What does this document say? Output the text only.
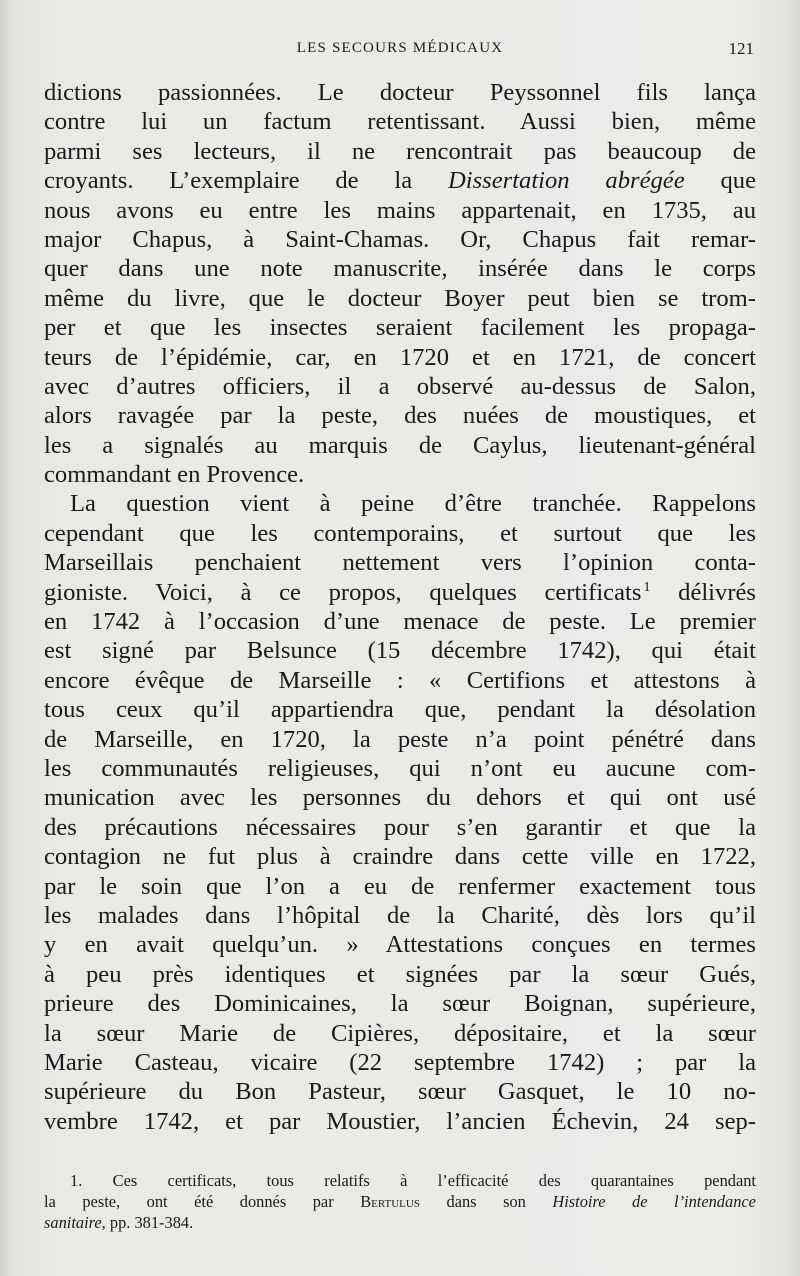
LES SECOURS MÉDICAUX	121
dictions passionnées. Le docteur Peyssonnel fils lança
contre lui un factum retentissant. Aussi bien, même
parmi ses lecteurs, il ne rencontrait pas beaucoup de
croyants. L’exemplaire de la Dissertation abrégée que
nous avons eu entre les mains appartenait, en 1735, au
major Chapus, à Saint-Chamas. Or, Chapus fait remar-
quer dans une note manuscrite, insérée dans le corps
même du livre, que le docteur Boyer peut bien se trom-
per et que les insectes seraient facilement les propaga-
teurs de l’épidémie, car, en 1720 et en 1721, de concert
avec d’autres officiers, il a observé au-dessus de Salon,
alors ravagée par la peste, des nuées de moustiques, et
les a signalés au marquis de Caylus, lieutenant-général
commandant en Provence.
La question vient à peine d’être tranchée. Rappelons
cependant que les contemporains, et surtout que les
Marseillais penchaient nettement vers l’opinion conta-
gioniste. Voici, à ce propos, quelques certificats  $^1$ délivrés
en 1742 à l’occasion d’une menace de peste. Le premier
est signé par Belsunce (15 décembre 1742), qui était
encore évêque de Marseille : « Certifions et attestons à
tous ceux qu’il appartiendra que, pendant la désolation
de Marseille, en 1720, la peste n’a point pénétré dans
les communautés religieuses, qui n’ont eu aucune com-
munication avec les personnes du dehors et qui ont usé
des précautions nécessaires pour s’en garantir et que la
contagion ne fut plus à craindre dans cette ville en 1722,
par le soin que l’on a eu de renfermer exactement tous
les malades dans l’hôpital de la Charité, dès lors qu’il
y en avait quelqu’un. » Attestations conçues en termes
à peu près identiques et signées par la sœur Gués,
prieure des Dominicaines, la sœur Boignan, supérieure,
la sœur Marie de Cipières, dépositaire, et la sœur
Marie Casteau, vicaire (22 septembre 1742) ; par la
supérieure du Bon Pasteur, sœur Gasquet, le 10 no-
vembre 1742, et par Moustier, l’ancien Échevin, 24 sep-
1. Ces certificats, tous relatifs à l’efficacité des quarantaines pendant
la peste, ont été donnés par Bertulus dans son Histoire de l’intendance
sanitaire, pp. 381-384.
